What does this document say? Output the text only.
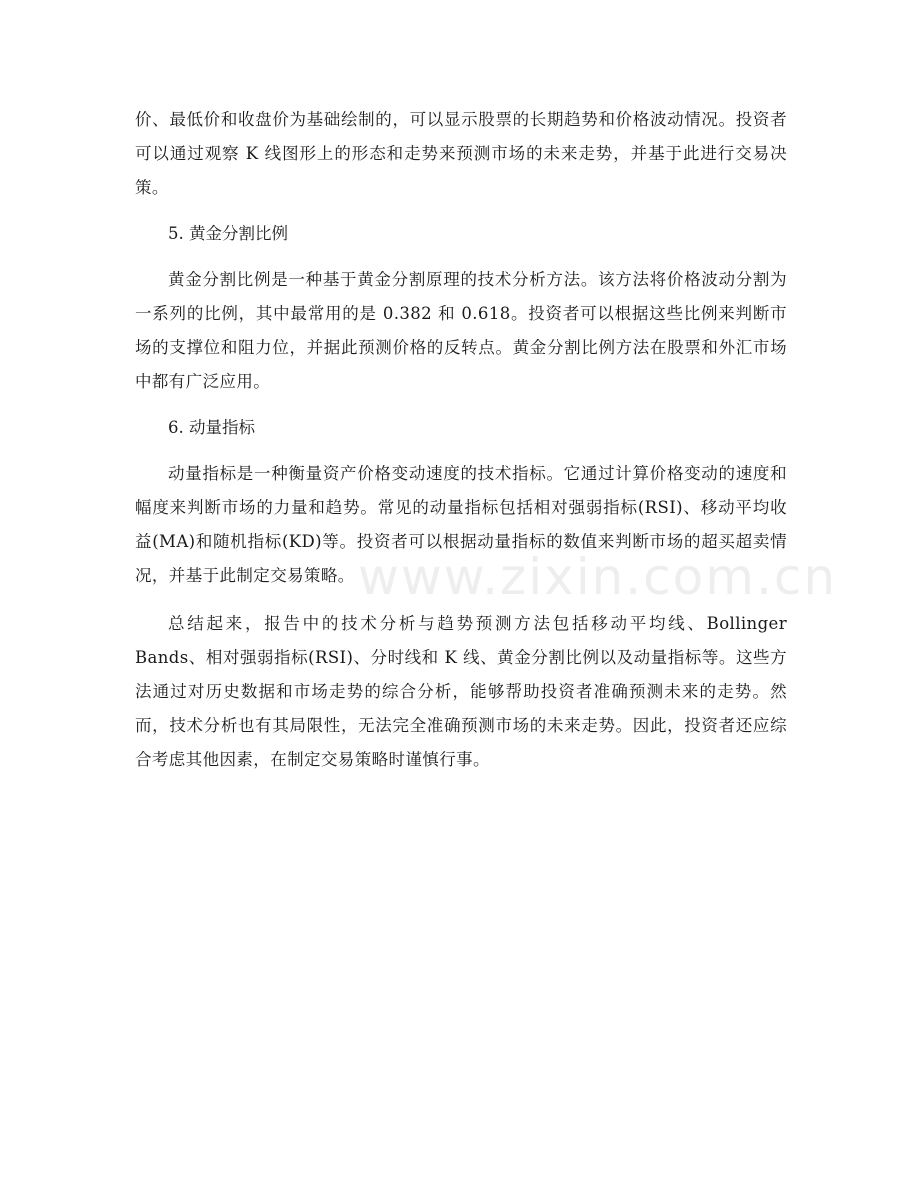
价、最低价和收盘价为基础绘制的，可以显示股票的长期趋势和价格波动情况。投资者可以通过观察 K 线图形上的形态和走势来预测市场的未来走势，并基于此进行交易决策。

5. 黄金分割比例

黄金分割比例是一种基于黄金分割原理的技术分析方法。该方法将价格波动分割为一系列的比例，其中最常用的是 0.382 和 0.618。投资者可以根据这些比例来判断市场的支撑位和阻力位，并据此预测价格的反转点。黄金分割比例方法在股票和外汇市场中都有广泛应用。

6. 动量指标

动量指标是一种衡量资产价格变动速度的技术指标。它通过计算价格变动的速度和幅度来判断市场的力量和趋势。常见的动量指标包括相对强弱指标(RSI)、移动平均收益(MA)和随机指标(KD)等。投资者可以根据动量指标的数值来判断市场的超买超卖情况，并基于此制定交易策略。

总结起来，报告中的技术分析与趋势预测方法包括移动平均线、Bollinger Bands、相对强弱指标(RSI)、分时线和 K 线、黄金分割比例以及动量指标等。这些方法通过对历史数据和市场走势的综合分析，能够帮助投资者准确预测未来的走势。然而，技术分析也有其局限性，无法完全准确预测市场的未来走势。因此，投资者还应综合考虑其他因素，在制定交易策略时谨慎行事。

www.zixin.com.cn
